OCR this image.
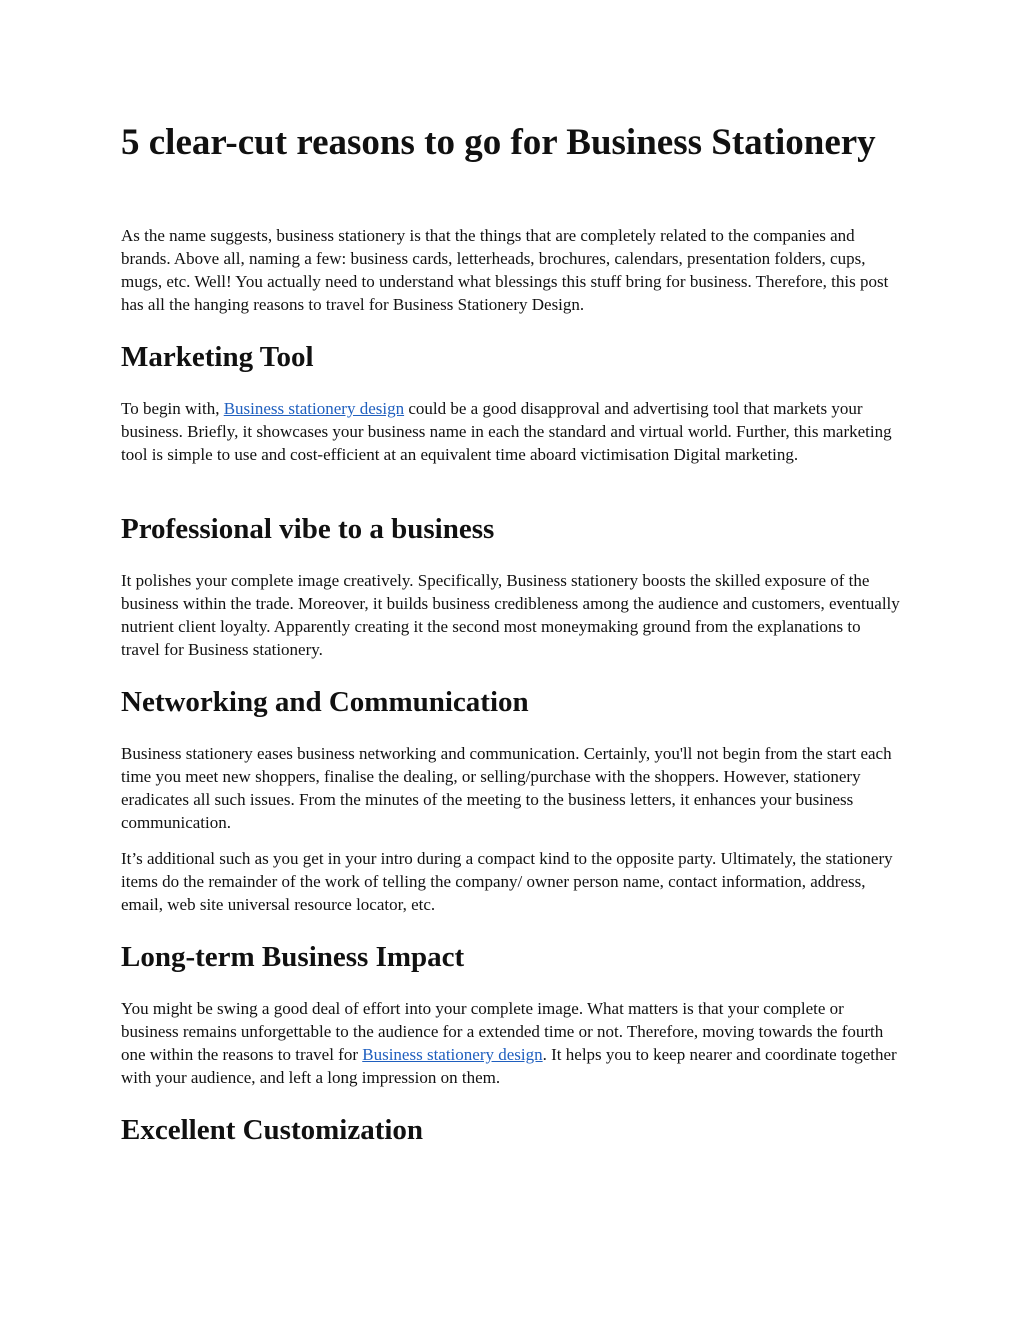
5 clear-cut reasons to go for Business Stationery

As the name suggests, business stationery is that the things that are completely related to the companies and brands. Above all, naming a few: business cards, letterheads, brochures, calendars, presentation folders, cups, mugs, etc. Well! You actually need to understand what blessings this stuff bring for business. Therefore, this post has all the hanging reasons to travel for Business Stationery Design.

Marketing Tool

To begin with, Business stationery design could be a good disapproval and advertising tool that markets your business. Briefly, it showcases your business name in each the standard and virtual world. Further, this marketing tool is simple to use and cost-efficient at an equivalent time aboard victimisation Digital marketing.

Professional vibe to a business

It polishes your complete image creatively. Specifically, Business stationery boosts the skilled exposure of the business within the trade. Moreover, it builds business credibleness among the audience and customers, eventually nutrient client loyalty. Apparently creating it the second most moneymaking ground from the explanations to travel for Business stationery.

Networking and Communication

Business stationery eases business networking and communication. Certainly, you'll not begin from the start each time you meet new shoppers, finalise the dealing, or selling/purchase with the shoppers. However, stationery eradicates all such issues. From the minutes of the meeting to the business letters, it enhances your business communication.

It’s additional such as you get in your intro during a compact kind to the opposite party. Ultimately, the stationery items do the remainder of the work of telling the company/ owner person name, contact information, address, email, web site universal resource locator, etc.

Long-term Business Impact

You might be swing a good deal of effort into your complete image. What matters is that your complete or business remains unforgettable to the audience for a extended time or not. Therefore, moving towards the fourth one within the reasons to travel for Business stationery design. It helps you to keep nearer and coordinate together with your audience, and left a long impression on them.

Excellent Customization
